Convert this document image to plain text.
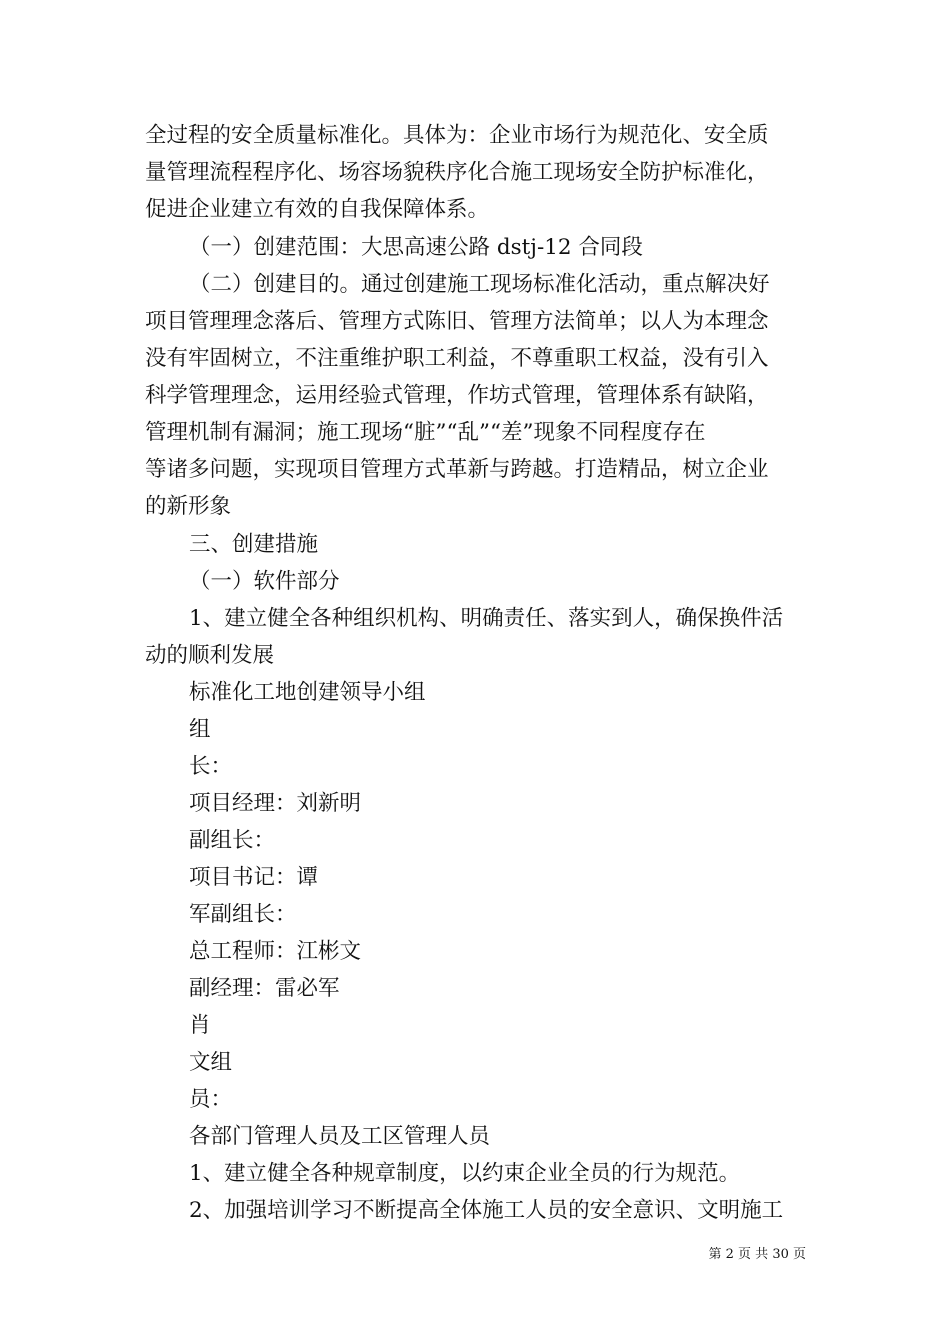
全过程的安全质量标准化。具体为：企业市场行为规范化、安全质
量管理流程程序化、场容场貌秩序化合施工现场安全防护标准化，
促进企业建立有效的自我保障体系。
（一）创建范围：大思高速公路 dstj-12 合同段
（二）创建目的。通过创建施工现场标准化活动，重点解决好
项目管理理念落后、管理方式陈旧、管理方法简单；以人为本理念
没有牢固树立，不注重维护职工利益，不尊重职工权益，没有引入
科学管理理念，运用经验式管理，作坊式管理，管理体系有缺陷，
管理机制有漏洞；施工现场“脏”“乱”“差”现象不同程度存在
等诸多问题，实现项目管理方式革新与跨越。打造精品，树立企业
的新形象
三、创建措施
（一）软件部分
1、建立健全各种组织机构、明确责任、落实到人，确保换件活
动的顺利发展
标准化工地创建领导小组
组
长：
项目经理：刘新明
副组长：
项目书记：谭
军副组长：
总工程师：江彬文
副经理：雷必军
肖
文组
员：
各部门管理人员及工区管理人员
1、建立健全各种规章制度，以约束企业全员的行为规范。
2、加强培训学习不断提高全体施工人员的安全意识、文明施工
第 2 页 共 30 页
